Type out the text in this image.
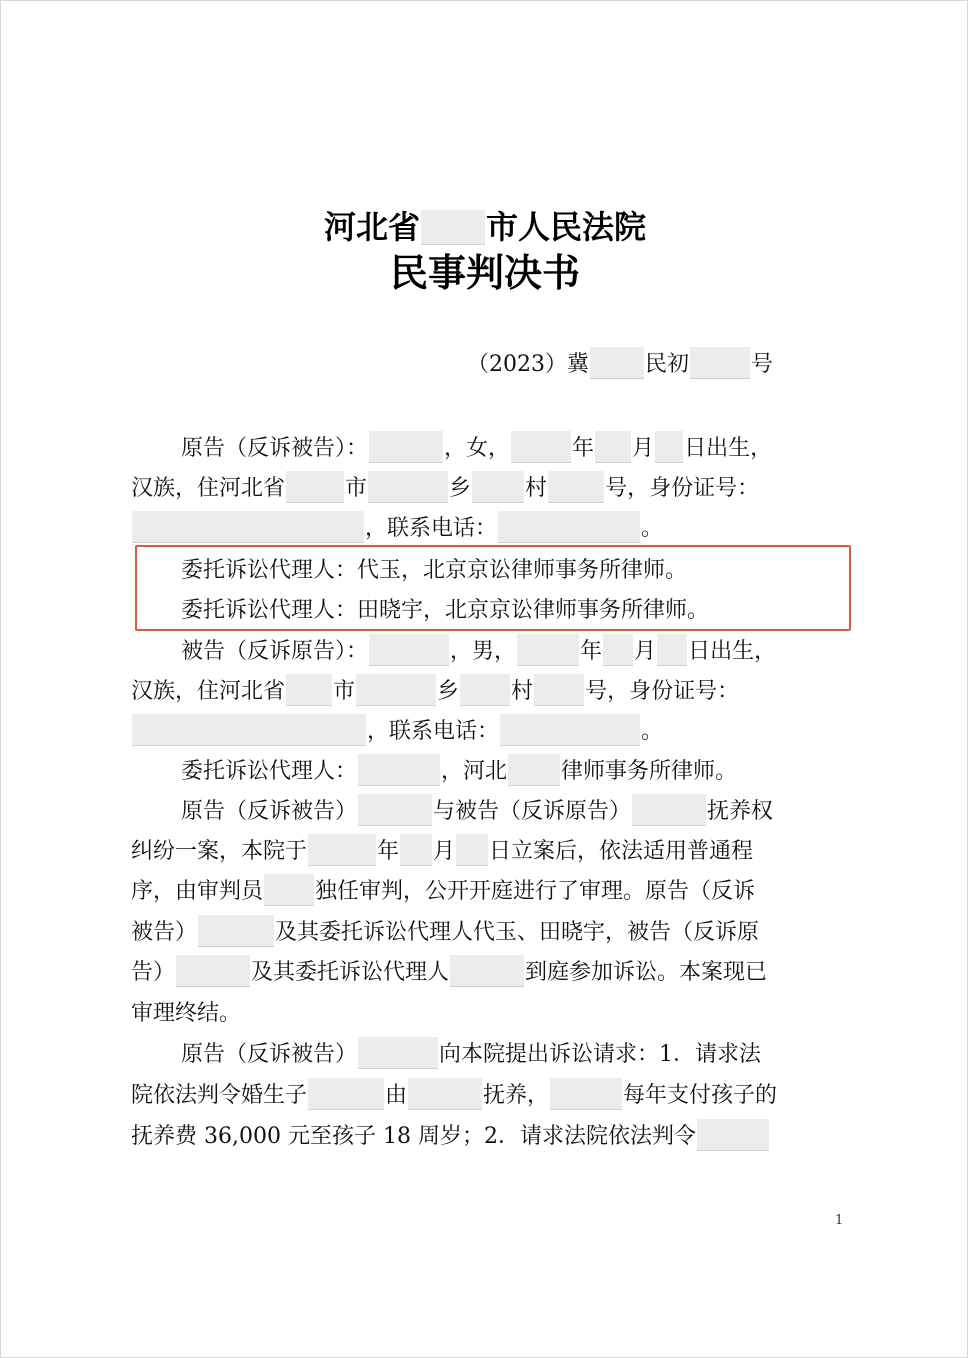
河北省 市人民法院
民事判决书
（2023）冀	民初	号
原告（反诉被告）：	，女，	年 月 日出生，
汉族，住河北省	市	乡 村	号，身份证号：
，联系电话：	。
委托诉讼代理人：代玉，北京京讼律师事务所律师。
委托诉讼代理人：田晓宇，北京京讼律师事务所律师。
被告（反诉原告）：	，男，	年 月 日出生，
汉族，住河北省 市	乡 村 号，身份证号：
，联系电话：	。
委托诉讼代理人：	，河北 律师事务所律师。
原告（反诉被告）	与被告（反诉原告）	抚养权
纠纷一案，本院于	年 月 日立案后，依法适用普通程
序，由审判员 独任审判，公开开庭进行了审理。原告（反诉
被告）	及其委托诉讼代理人代玉、田晓宇，被告（反诉原
告）	及其委托诉讼代理人	到庭参加诉讼。本案现已
审理终结。
原告（反诉被告）	向本院提出诉讼请求：1．请求法
院依法判令婚生子	由	抚养，	每年支付孩子的
抚养费 36,000 元至孩子 18 周岁；2．请求法院依法判令
1
